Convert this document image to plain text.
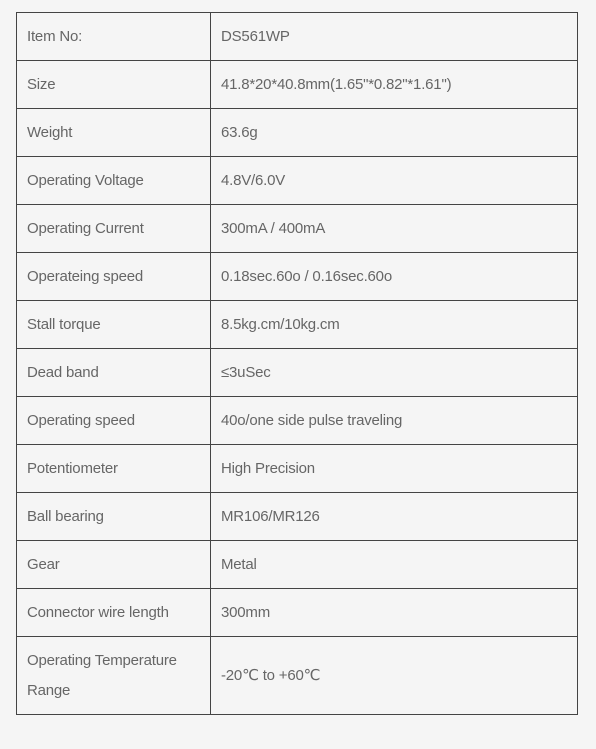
Item No:	DS561WP
Size	41.8*20*40.8mm(1.65"*0.82"*1.61")
Weight	63.6g
Operating Voltage	4.8V/6.0V
Operating Current	300mA / 400mA
Operateing speed	0.18sec.60o / 0.16sec.60o
Stall torque	8.5kg.cm/10kg.cm
Dead band	≤3uSec
Operating speed	40o/one side pulse traveling
Potentiometer	High Precision
Ball bearing	MR106/MR126
Gear	Metal
Connector wire length	300mm
Operating Temperature Range	-20℃ to +60℃
